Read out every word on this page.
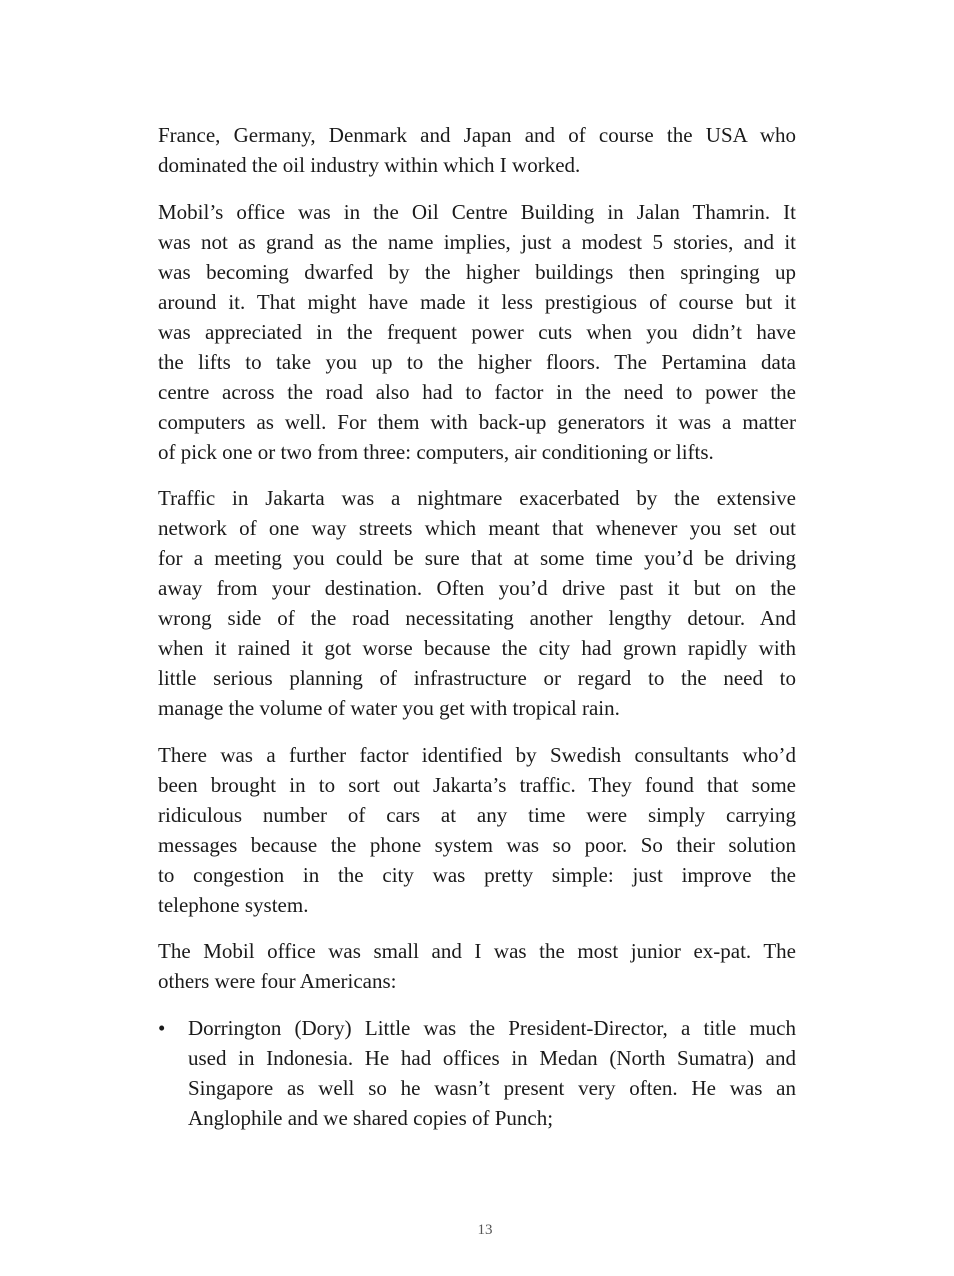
France, Germany, Denmark and Japan and of course the USA who
dominated the oil industry within which I worked.
Mobil’s office was in the Oil Centre Building in Jalan Thamrin. It
was not as grand as the name implies, just a modest 5 stories, and it
was becoming dwarfed by the higher buildings then springing up
around it. That might have made it less prestigious of course but it
was appreciated in the frequent power cuts when you didn’t have
the lifts to take you up to the higher floors. The Pertamina data
centre across the road also had to factor in the need to power the
computers as well. For them with back-up generators it was a matter
of pick one or two from three: computers, air conditioning or lifts.
Traffic in Jakarta was a nightmare exacerbated by the extensive
network of one way streets which meant that whenever you set out
for a meeting you could be sure that at some time you’d be driving
away from your destination. Often you’d drive past it but on the
wrong side of the road necessitating another lengthy detour. And
when it rained it got worse because the city had grown rapidly with
little serious planning of infrastructure or regard to the need to
manage the volume of water you get with tropical rain.
There was a further factor identified by Swedish consultants who’d
been brought in to sort out Jakarta’s traffic. They found that some
ridiculous number of cars at any time were simply carrying
messages because the phone system was so poor. So their solution
to congestion in the city was pretty simple: just improve the
telephone system.
The Mobil office was small and I was the most junior ex-pat. The
others were four Americans:
• Dorrington (Dory) Little was the President-Director, a title much
used in Indonesia. He had offices in Medan (North Sumatra) and
Singapore as well so he wasn’t present very often. He was an
Anglophile and we shared copies of Punch;
13
